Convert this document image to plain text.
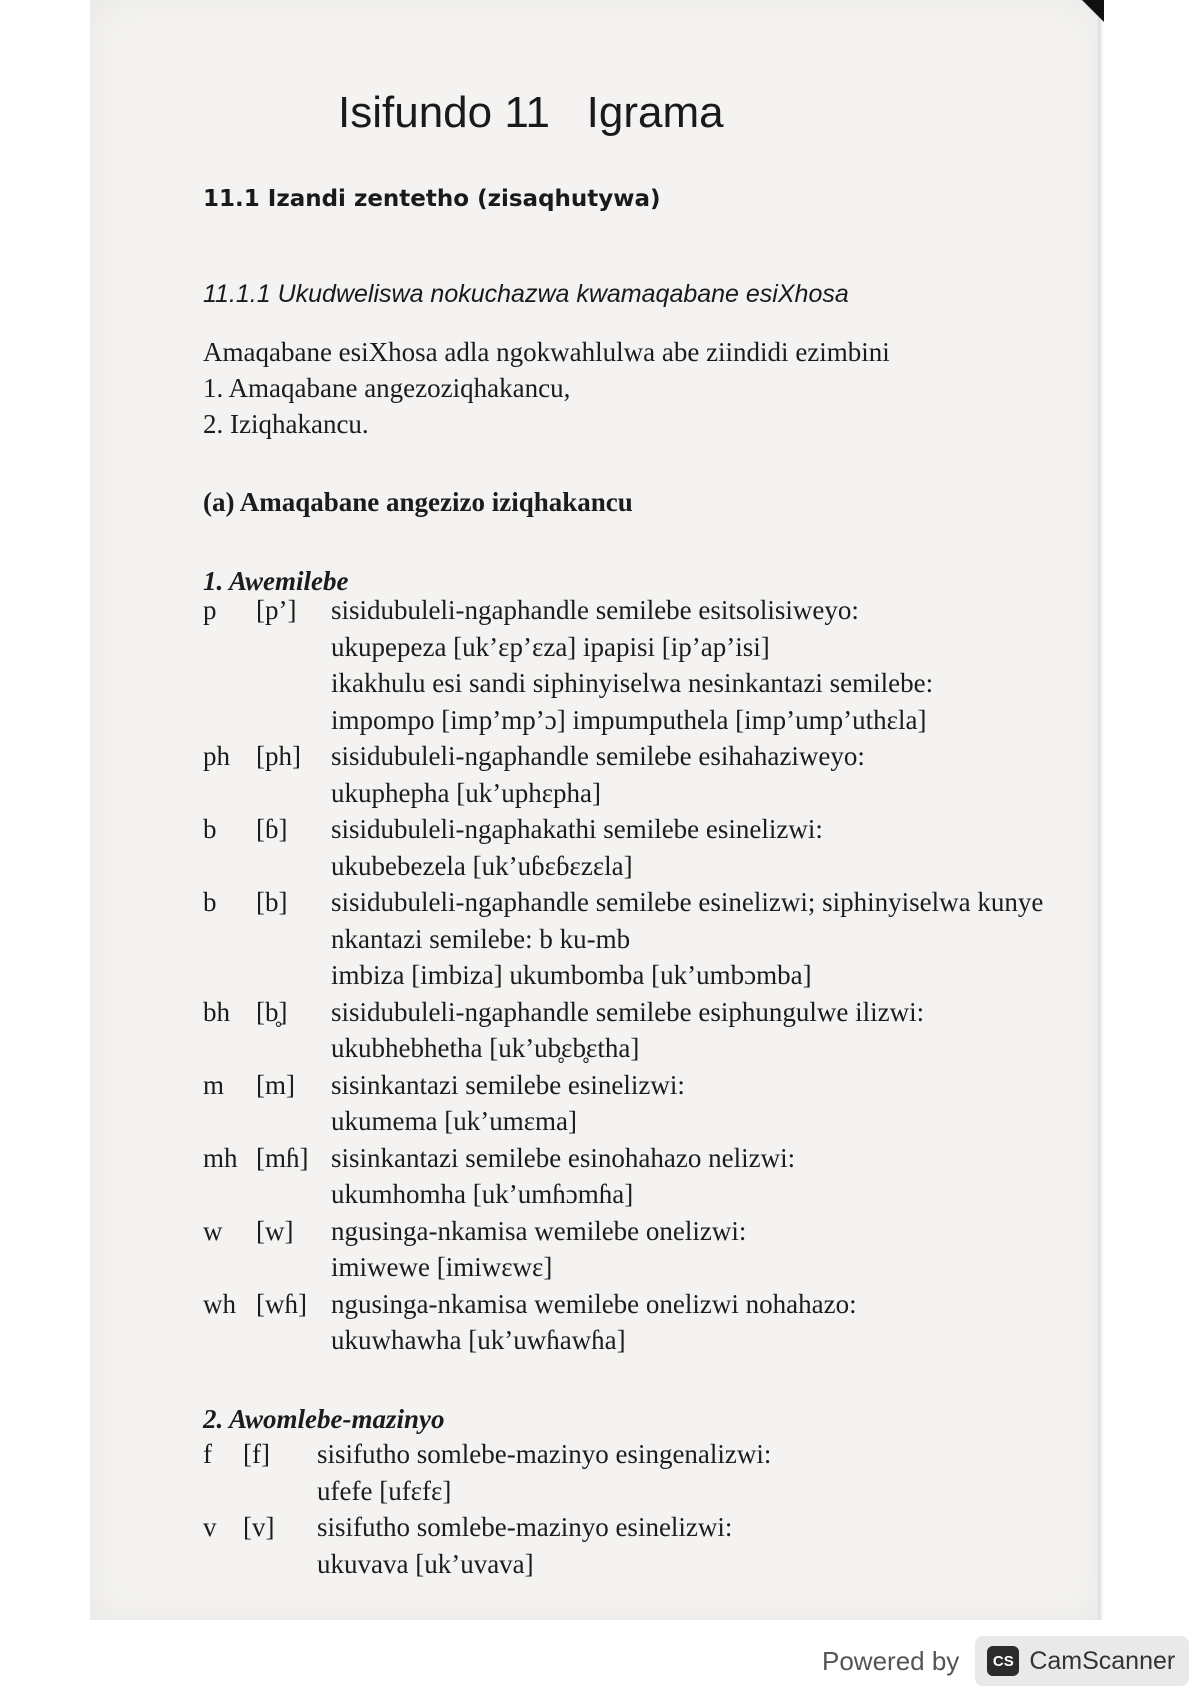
Isifundo 11   Igrama
11.1 Izandi zentetho (zisaqhutywa)
11.1.1 Ukudweliswa nokuchazwa kwamaqabane esiXhosa
Amaqabane esiXhosa adla ngokwahlulwa abe ziindidi ezimbini
1. Amaqabane angezoziqhakancu,
2. Iziqhakancu.
(a) Amaqabane angezizo iziqhakancu
1. Awemilebe
p	[p’]	sisidubuleli-ngaphandle semilebe esitsolisiweyo:
ukupepeza [uk’ɛp’ɛza] ipapisi [ip’ap’isi]
ikakhulu esi sandi siphinyiselwa nesinkantazi semilebe:
impompo [imp’mp’ɔ] impumputhela [imp’ump’uthɛla]
ph [ph]	sisidubuleli-ngaphandle semilebe esihahaziweyo:
ukuphepha [uk’uphɛpha]
b	[ɓ]	sisidubuleli-ngaphakathi semilebe esinelizwi:
ukubebezela [uk’uɓɛɓɛzɛla]
b	[b]	sisidubuleli-ngaphandle semilebe esinelizwi; siphinyiselwa kunye
nkantazi semilebe: b ku-mb
imbiza [imbiza] ukumbomba [uk’umbɔmba]
bh [b̥]	sisidubuleli-ngaphandle semilebe esiphungulwe ilizwi:
ukubhebhetha [uk’ub̥ɛb̥ɛtha]
m	[m]	sisinkantazi semilebe esinelizwi:
ukumema [uk’umɛma]
mh [mɦ] sisinkantazi semilebe esinohahazo nelizwi:
ukumhomha [uk’umɦɔmɦa]
w	[w]	ngusinga-nkamisa wemilebe onelizwi:
imiwewe [imiwɛwɛ]
wh [wɦ] ngusinga-nkamisa wemilebe onelizwi nohahazo:
ukuwhawha [uk’uwɦawɦa]
2. Awomlebe-mazinyo
f	[f]	sisifutho somlebe-mazinyo esingenalizwi:
ufefe [ufɛfɛ]
v [v]	sisifutho somlebe-mazinyo esinelizwi:
ukuvava [uk’uvava]
Powered by	CS CamScanner
